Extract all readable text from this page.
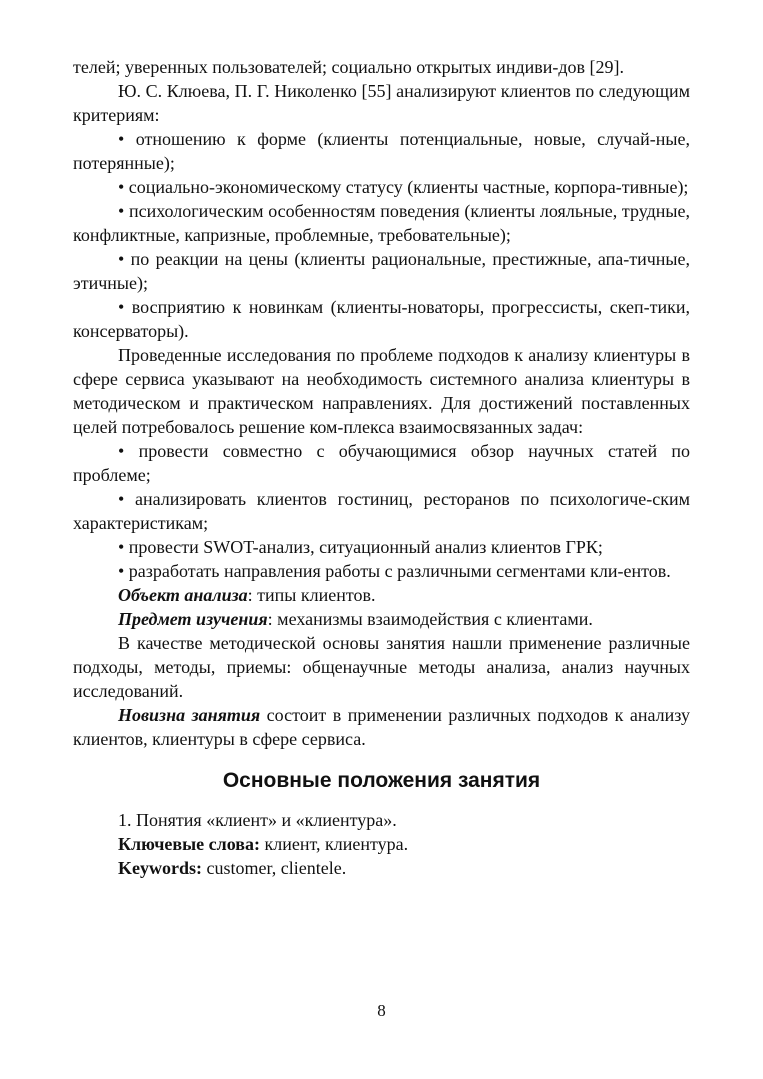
телей; уверенных пользователей; социально открытых индиви-дов [29].

Ю. С. Клюева, П. Г. Николенко [55] анализируют клиентов по следующим критериям:

• отношению к форме (клиенты потенциальные, новые, случай-ные, потерянные);

• социально-экономическому статусу (клиенты частные, корпора-тивные);

• психологическим особенностям поведения (клиенты лояльные, трудные, конфликтные, капризные, проблемные, требовательные);

• по реакции на цены (клиенты рациональные, престижные, апа-тичные, этичные);

• восприятию к новинкам (клиенты-новаторы, прогрессисты, скеп-тики, консерваторы).

Проведенные исследования по проблеме подходов к анализу клиентуры в сфере сервиса указывают на необходимость системного анализа клиентуры в методическом и практическом направлениях. Для достижений поставленных целей потребовалось решение ком-плекса взаимосвязанных задач:

• провести совместно с обучающимися обзор научных статей по проблеме;

• анализировать клиентов гостиниц, ресторанов по психологиче-ским характеристикам;

• провести SWOT-анализ, ситуационный анализ клиентов ГРК;

• разработать направления работы с различными сегментами кли-ентов.

Объект анализа: типы клиентов.

Предмет изучения: механизмы взаимодействия с клиентами.

В качестве методической основы занятия нашли применение различные подходы, методы, приемы: общенаучные методы анализа, анализ научных исследований.

Новизна занятия состоит в применении различных подходов к анализу клиентов, клиентуры в сфере сервиса.

Основные положения занятия

1. Понятия «клиент» и «клиентура».

Ключевые слова: клиент, клиентура.

Keywords: customer, clientele.

8
